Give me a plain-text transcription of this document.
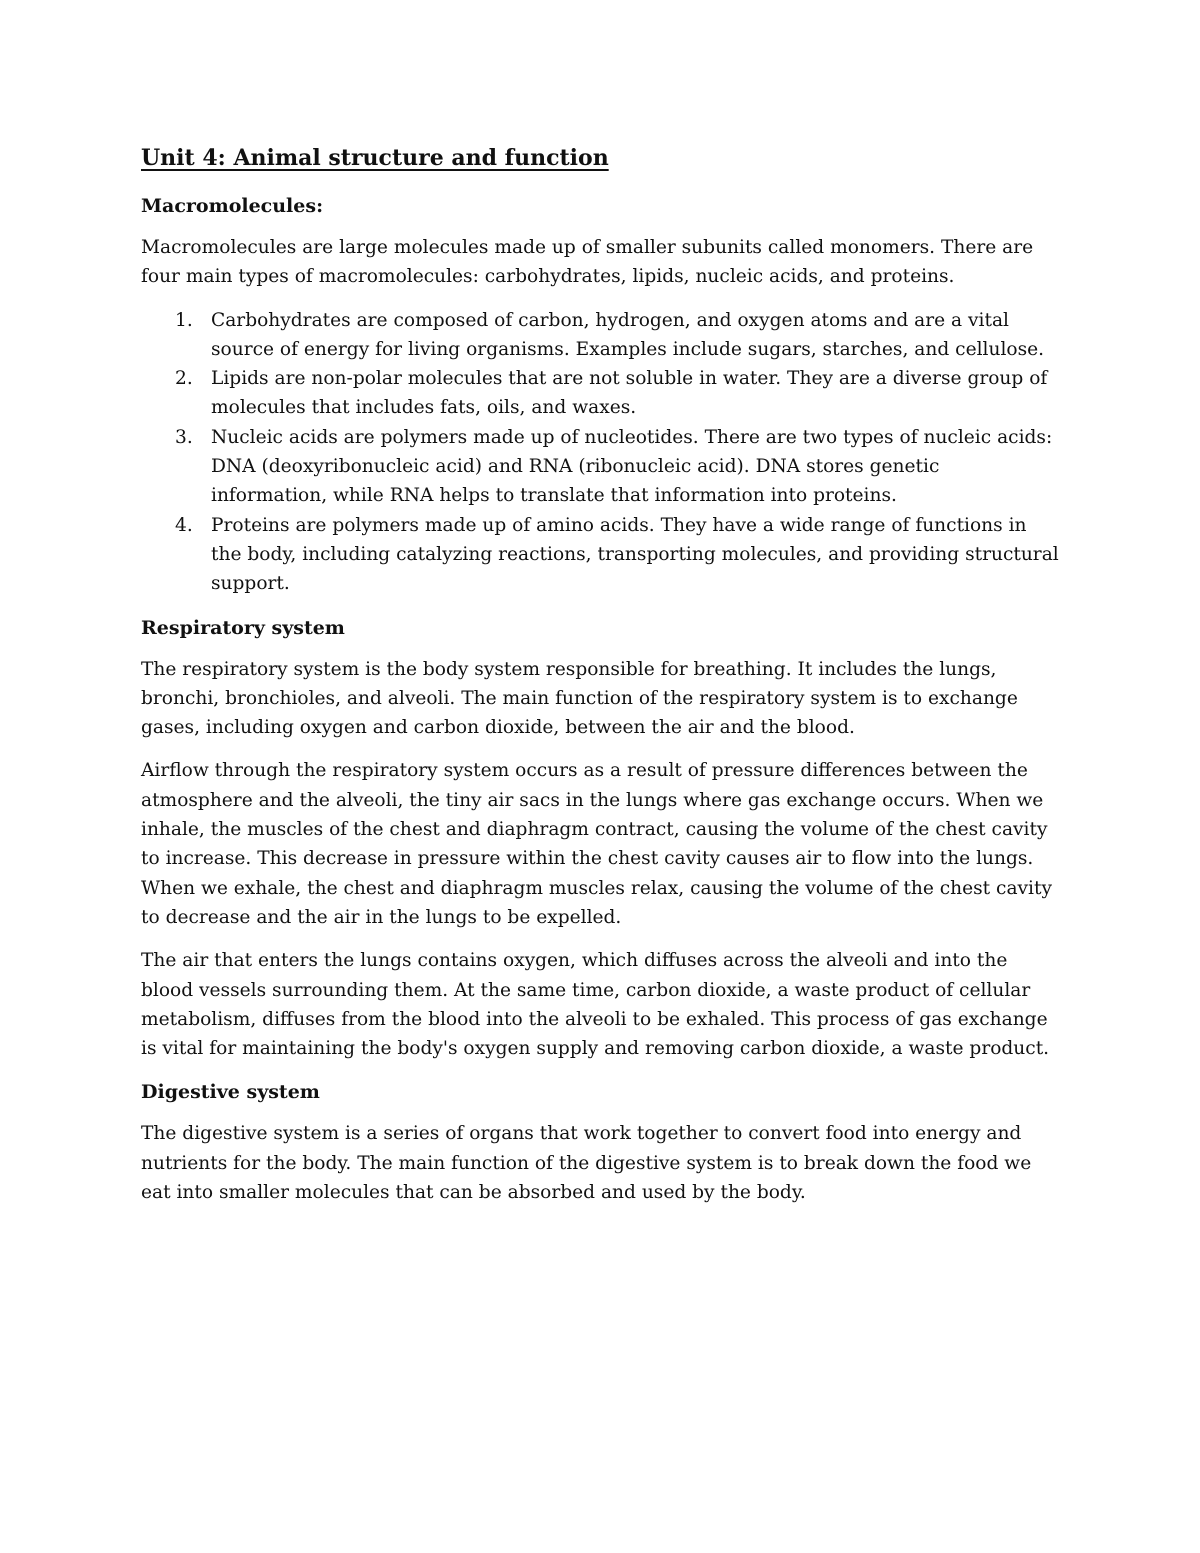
Unit 4: Animal structure and function
Macromolecules:

Macromolecules are large molecules made up of smaller subunits called monomers. There are four main types of macromolecules: carbohydrates, lipids, nucleic acids, and proteins.

1. Carbohydrates are composed of carbon, hydrogen, and oxygen atoms and are a vital source of energy for living organisms. Examples include sugars, starches, and cellulose.
2. Lipids are non-polar molecules that are not soluble in water. They are a diverse group of molecules that includes fats, oils, and waxes.
3. Nucleic acids are polymers made up of nucleotides. There are two types of nucleic acids: DNA (deoxyribonucleic acid) and RNA (ribonucleic acid). DNA stores genetic information, while RNA helps to translate that information into proteins.
4. Proteins are polymers made up of amino acids. They have a wide range of functions in the body, including catalyzing reactions, transporting molecules, and providing structural support.
Respiratory system

The respiratory system is the body system responsible for breathing. It includes the lungs, bronchi, bronchioles, and alveoli. The main function of the respiratory system is to exchange gases, including oxygen and carbon dioxide, between the air and the blood.

Airflow through the respiratory system occurs as a result of pressure differences between the atmosphere and the alveoli, the tiny air sacs in the lungs where gas exchange occurs. When we inhale, the muscles of the chest and diaphragm contract, causing the volume of the chest cavity to increase. This decrease in pressure within the chest cavity causes air to flow into the lungs. When we exhale, the chest and diaphragm muscles relax, causing the volume of the chest cavity to decrease and the air in the lungs to be expelled.

The air that enters the lungs contains oxygen, which diffuses across the alveoli and into the blood vessels surrounding them. At the same time, carbon dioxide, a waste product of cellular metabolism, diffuses from the blood into the alveoli to be exhaled. This process of gas exchange is vital for maintaining the body's oxygen supply and removing carbon dioxide, a waste product.

Digestive system

The digestive system is a series of organs that work together to convert food into energy and nutrients for the body. The main function of the digestive system is to break down the food we eat into smaller molecules that can be absorbed and used by the body.
